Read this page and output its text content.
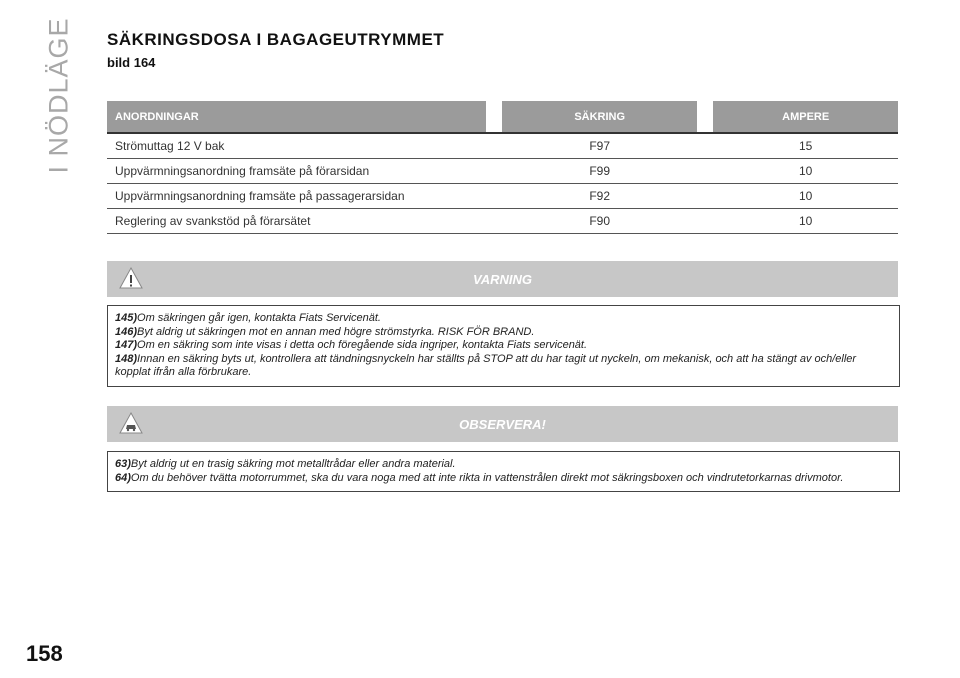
I NÖDLÄGE SÄKRINGSDOSA I BAGAGEUTRYMMET
bild 164
ANORDNINGAR		SÄKRING		AMPERE
Strömuttag 12 V bak		F97		15
Uppvärmningsanordning framsäte på förarsidan		F99		10
Uppvärmningsanordning framsäte på passagerarsidan		F92		10
Reglering av svankstöd på förarsätet		F90		10
VARNING
145)Om säkringen går igen, kontakta Fiats Servicenät.
146)Byt aldrig ut säkringen mot en annan med högre strömstyrka. RISK FÖR BRAND.
147)Om en säkring som inte visas i detta och föregående sida ingriper, kontakta Fiats servicenät.
148)Innan en säkring byts ut, kontrollera att tändningsnyckeln har ställts på STOP att du har tagit ut nyckeln, om mekanisk, och att ha stängt av och/eller kopplat ifrån alla förbrukare.
OBSERVERA!
63)Byt aldrig ut en trasig säkring mot metalltrådar eller andra material.
64)Om du behöver tvätta motorrummet, ska du vara noga med att inte rikta in vattenstrålen direkt mot säkringsboxen och vindrutetorkarnas drivmotor.
158
